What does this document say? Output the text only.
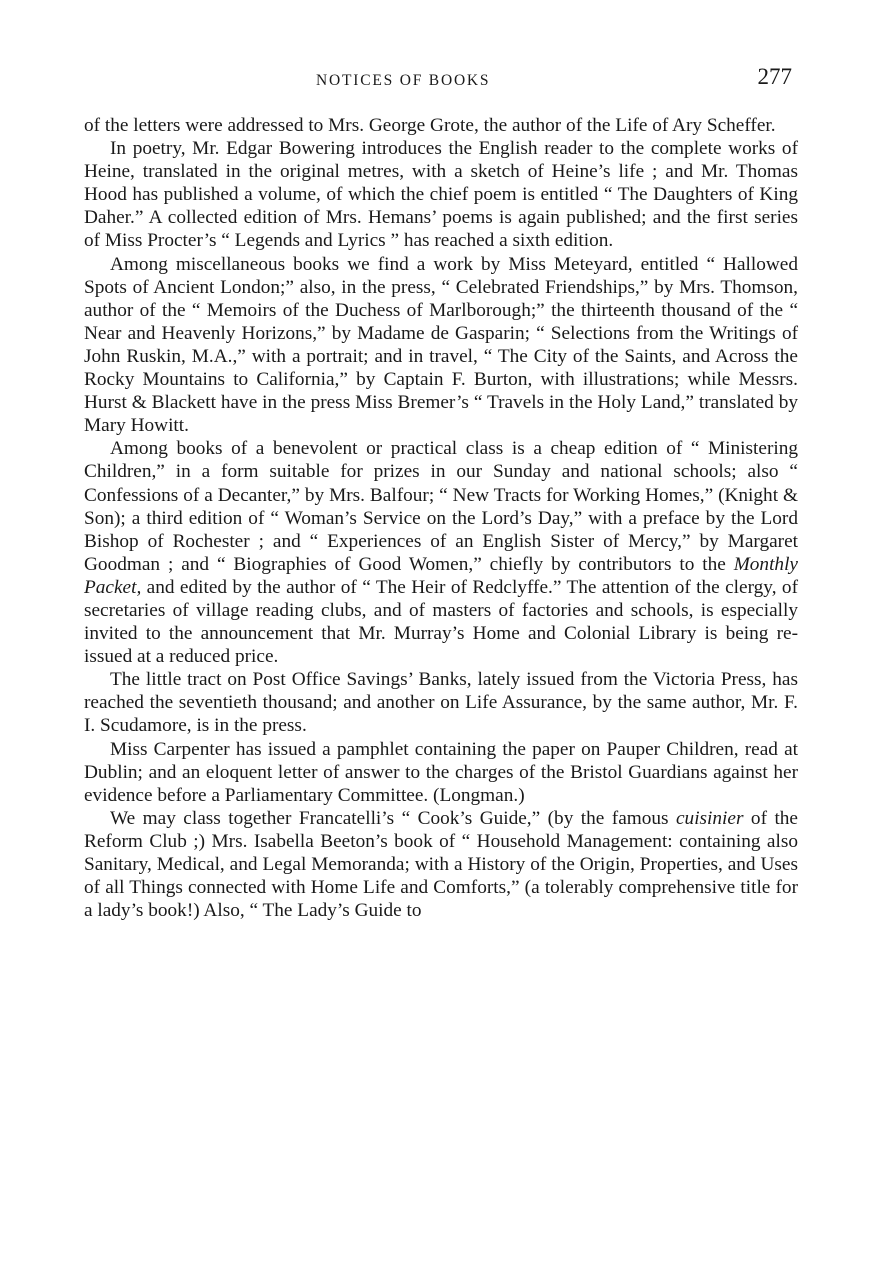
NOTICES OF BOOKS	277

of the letters were addressed to Mrs. George Grote, the author of the Life of Ary Scheffer.

In poetry, Mr. Edgar Bowering introduces the English reader to the complete works of Heine, translated in the original metres, with a sketch of Heine’s life ; and Mr. Thomas Hood has published a volume, of which the chief poem is entitled “ The Daughters of King Daher.” A collected edition of Mrs. Hemans’ poems is again published; and the first series of Miss Procter’s “ Legends and Lyrics ” has reached a sixth edition.

Among miscellaneous books we find a work by Miss Meteyard, entitled “ Hallowed Spots of Ancient London;” also, in the press, “ Celebrated Friendships,” by Mrs. Thomson, author of the “ Memoirs of the Duchess of Marlborough;” the thirteenth thousand of the “ Near and Heavenly Horizons,” by Madame de Gasparin; “ Selections from the Writings of John Ruskin, M.A.,” with a portrait; and in travel, “ The City of the Saints, and Across the Rocky Mountains to California,” by Captain F. Burton, with illustrations; while Messrs. Hurst & Blackett have in the press Miss Bremer’s “ Travels in the Holy Land,” translated by Mary Howitt.

Among books of a benevolent or practical class is a cheap edition of “ Ministering Children,” in a form suitable for prizes in our Sunday and national schools; also “ Confessions of a Decanter,” by Mrs. Balfour; “ New Tracts for Working Homes,” (Knight & Son); a third edition of “ Woman’s Service on the Lord’s Day,” with a preface by the Lord Bishop of Rochester ; and “ Experiences of an English Sister of Mercy,” by Margaret Goodman ; and “ Biographies of Good Women,” chiefly by contributors to the Monthly Packet, and edited by the author of “ The Heir of Redclyffe.” The attention of the clergy, of secretaries of village reading clubs, and of masters of factories and schools, is especially invited to the announcement that Mr. Murray’s Home and Colonial Library is being re-issued at a reduced price.

The little tract on Post Office Savings’ Banks, lately issued from the Victoria Press, has reached the seventieth thousand; and another on Life Assurance, by the same author, Mr. F. I. Scudamore, is in the press.

Miss Carpenter has issued a pamphlet containing the paper on Pauper Children, read at Dublin; and an eloquent letter of answer to the charges of the Bristol Guardians against her evidence before a Parliamentary Committee. (Longman.)

We may class together Francatelli’s “ Cook’s Guide,” (by the famous cuisinier of the Reform Club ;) Mrs. Isabella Beeton’s book of “ Household Management: containing also Sanitary, Medical, and Legal Memoranda; with a History of the Origin, Properties, and Uses of all Things connected with Home Life and Comforts,” (a tolerably comprehensive title for a lady’s book!) Also, “ The Lady’s Guide to
